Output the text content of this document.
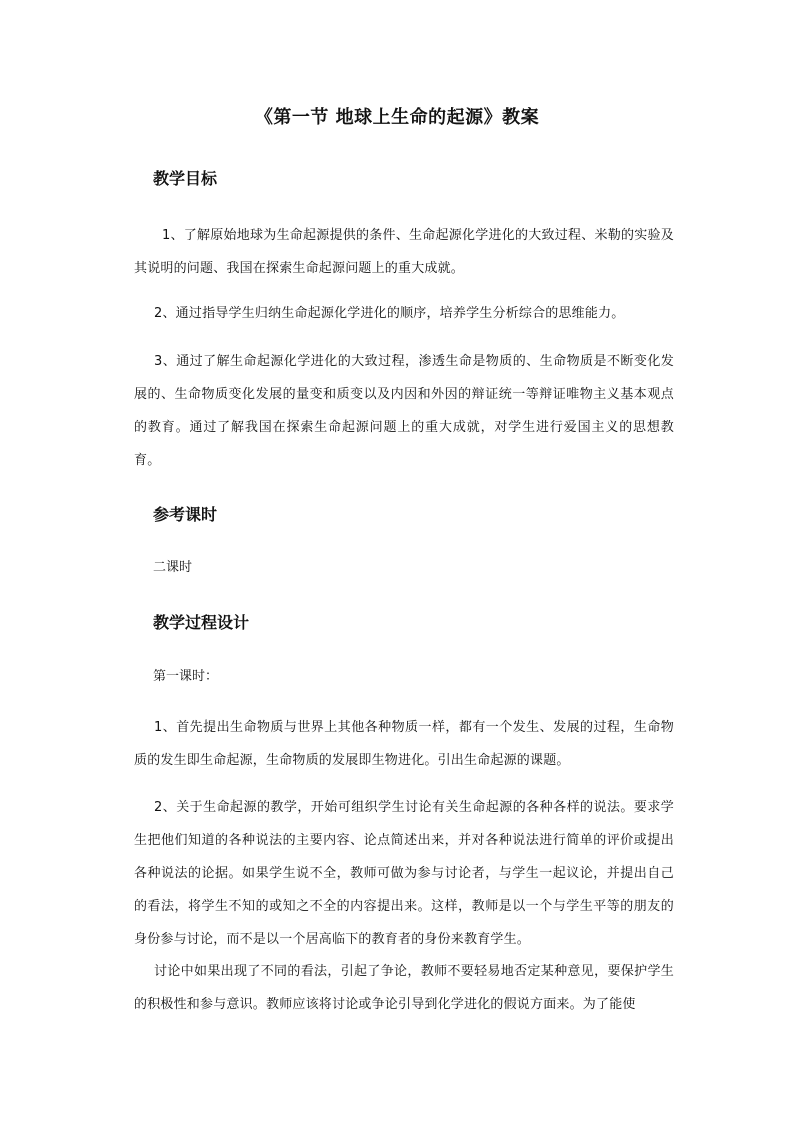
《第一节 地球上生命的起源》教案
教学目标
1、了解原始地球为生命起源提供的条件、生命起源化学进化的大致过程、米勒的实验及其说明的问题、我国在探索生命起源问题上的重大成就。
2、通过指导学生归纳生命起源化学进化的顺序，培养学生分析综合的思维能力。
3、通过了解生命起源化学进化的大致过程，渗透生命是物质的、生命物质是不断变化发展的、生命物质变化发展的量变和质变以及内因和外因的辩证统一等辩证唯物主义基本观点的教育。通过了解我国在探索生命起源问题上的重大成就，对学生进行爱国主义的思想教育。
参考课时
二课时
教学过程设计
第一课时：
1、首先提出生命物质与世界上其他各种物质一样，都有一个发生、发展的过程，生命物质的发生即生命起源，生命物质的发展即生物进化。引出生命起源的课题。
2、关于生命起源的教学，开始可组织学生讨论有关生命起源的各种各样的说法。要求学生把他们知道的各种说法的主要内容、论点简述出来，并对各种说法进行简单的评价或提出各种说法的论据。如果学生说不全，教师可做为参与讨论者，与学生一起议论，并提出自己的看法，将学生不知的或知之不全的内容提出来。这样，教师是以一个与学生平等的朋友的身份参与讨论，而不是以一个居高临下的教育者的身份来教育学生。
讨论中如果出现了不同的看法，引起了争论，教师不要轻易地否定某种意见，要保护学生的积极性和参与意识。教师应该将讨论或争论引导到化学进化的假说方面来。为了能使
